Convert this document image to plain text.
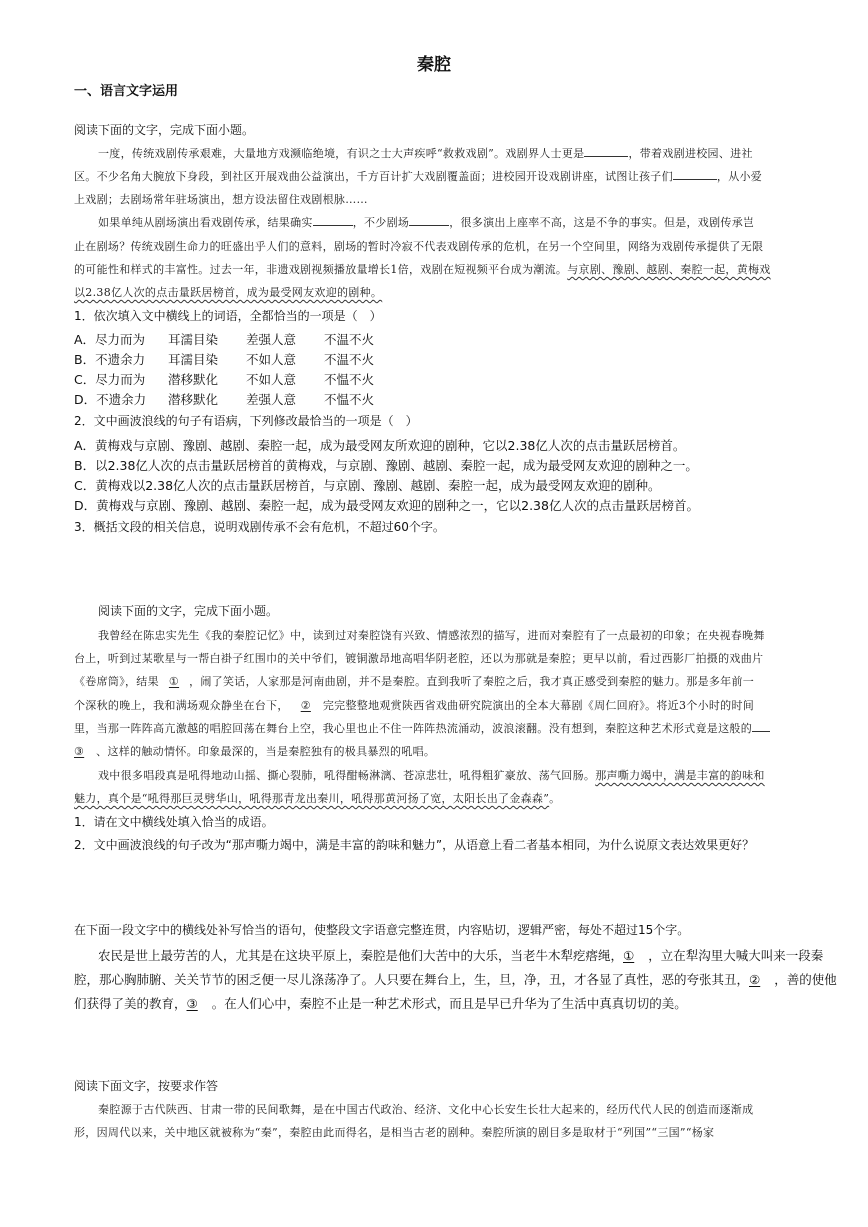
秦腔
一、语言文字运用
阅读下面的文字，完成下面小题。
一度，传统戏剧传承艰难，大量地方戏濒临绝境，有识之士大声疾呼“救救戏剧”。戏剧界人士更是	，带着戏剧进校园、进社
区。不少名角大腕放下身段，到社区开展戏曲公益演出，千方百计扩大戏剧覆盖面；进校园开设戏剧讲座，试图让孩子们	，从小爱
上戏剧；去剧场常年驻场演出，想方设法留住戏剧根脉……
如果单纯从剧场演出看戏剧传承，结果确实	，不少剧场	，很多演出上座率不高，这是不争的事实。但是，戏剧传承岂
止在剧场？传统戏剧生命力的旺盛出乎人们的意料，剧场的暂时冷寂不代表戏剧传承的危机，在另一个空间里，网络为戏剧传承提供了无限
的可能性和样式的丰富性。过去一年，非遗戏剧视频播放量增长1倍，戏剧在短视频平台成为潮流。与京剧、豫剧、越剧、秦腔一起，黄梅戏
以2.38亿人次的点击量跃居榜首，成为最受网友欢迎的剧种。
1．依次填入文中横线上的词语，全都恰当的一项是（　）
A．尽力而为 耳濡目染 差强人意 不温不火
B．不遗余力 耳濡目染 不如人意 不温不火
C．尽力而为 潜移默化 不如人意 不愠不火
D．不遗余力 潜移默化 差强人意 不愠不火
2．文中画波浪线的句子有语病，下列修改最恰当的一项是（　）
A．黄梅戏与京剧、豫剧、越剧、秦腔一起，成为最受网友所欢迎的剧种，它以2.38亿人次的点击量跃居榜首。
B．以2.38亿人次的点击量跃居榜首的黄梅戏，与京剧、豫剧、越剧、秦腔一起，成为最受网友欢迎的剧种之一。
C．黄梅戏以2.38亿人次的点击量跃居榜首，与京剧、豫剧、越剧、秦腔一起，成为最受网友欢迎的剧种。
D．黄梅戏与京剧、豫剧、越剧、秦腔一起，成为最受网友欢迎的剧种之一，它以2.38亿人次的点击量跃居榜首。
3．概括文段的相关信息，说明戏剧传承不会有危机，不超过60个字。
阅读下面的文字，完成下面小题。
我曾经在陈忠实先生《我的秦腔记忆》中，读到过对秦腔饶有兴致、情感浓烈的描写，进而对秦腔有了一点最初的印象；在央视春晚舞
台上，听到过某歌星与一帮白褂子红围巾的关中爷们，镀铜激昂地高唱华阴老腔，还以为那就是秦腔；更早以前，看过西影厂拍摄的戏曲片
《卷席筒》，结果 ① ，闹了笑话，人家那是河南曲剧，并不是秦腔。直到我听了秦腔之后，我才真正感受到秦腔的魅力。那是多年前一
个深秋的晚上，我和满场观众静坐在台下， ② 完完整整地观赏陕西省戏曲研究院演出的全本大幕剧《周仁回府》。将近3个小时的时间
里，当那一阵阵高亢激越的唱腔回荡在舞台上空，我心里也止不住一阵阵热流涌动，波浪滚翻。没有想到，秦腔这种艺术形式竟是这般的
③ 、这样的触动情怀。印象最深的，当是秦腔独有的极具暴烈的吼唱。
戏中很多唱段真是吼得地动山摇、撕心裂肺，吼得酣畅淋漓、苍凉悲壮，吼得粗犷豪放、荡气回肠。那声嘶力竭中，满是丰富的韵味和
魅力，真个是“吼得那巨灵劈华山，吼得那青龙出秦川，吼得那黄河扬了宽，太阳长出了金森森”。
1．请在文中横线处填入恰当的成语。
2．文中画波浪线的句子改为“那声嘶力竭中，满是丰富的韵味和魅力”，从语意上看二者基本相同，为什么说原文表达效果更好？
在下面一段文字中的横线处补写恰当的语句，使整段文字语意完整连贯，内容贴切，逻辑严密，每处不超过15个字。
农民是世上最劳苦的人，尤其是在这块平原上，秦腔是他们大苦中的大乐，当老牛木犁疙瘩绳，① ，立在犁沟里大喊大叫来一段秦
腔，那心胸肺腑、关关节节的困乏便一尽儿涤荡净了。人只要在舞台上，生，旦，净，丑，才各显了真性，恶的夸张其丑，② ，善的使他
们获得了美的教育，③ 。在人们心中，秦腔不止是一种艺术形式，而且是早已升华为了生活中真真切切的美。
阅读下面文字，按要求作答
秦腔源于古代陕西、甘肃一带的民间歌舞，是在中国古代政治、经济、文化中心长安生长壮大起来的，经历代代人民的创造而逐渐成
形，因周代以来，关中地区就被称为“秦”，秦腔由此而得名，是相当古老的剧种。秦腔所演的剧目多是取材于“列国”“三国”“杨家
